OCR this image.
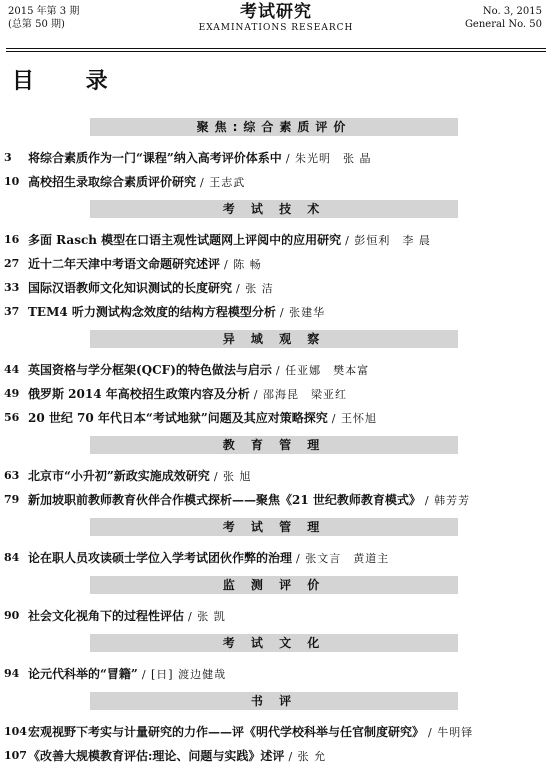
2015 年第 3 期
(总第 50 期)
考试研究
EXAMINATIONS RESEARCH
No. 3, 2015
General No. 50
目 录
聚焦:综合素质评价
3	将综合素质作为一门“课程”纳入高考评价体系中 / 朱光明　张 晶
10 高校招生录取综合素质评价研究 / 王志武
考 试 技 术
16 多面 Rasch 模型在口语主观性试题网上评阅中的应用研究 / 彭恒利　李 晨
27 近十二年天津中考语文命题研究述评 / 陈 畅
33 国际汉语教师文化知识测试的长度研究 / 张 洁
37 TEM4 听力测试构念效度的结构方程模型分析 / 张建华
异 域 观 察
44 英国资格与学分框架(QCF)的特色做法与启示 / 任亚娜　樊本富
49 俄罗斯 2014 年高校招生政策内容及分析 / 邵海昆　梁亚红
56 20 世纪 70 年代日本“考试地狱”问题及其应对策略探究 / 王怀旭
教 育 管 理
63 北京市“小升初”新政实施成效研究 / 张 旭
79 新加坡职前教师教育伙伴合作模式探析——聚焦《21 世纪教师教育模式》 / 韩芳芳
考 试 管 理
84 论在职人员攻读硕士学位入学考试团伙作弊的治理 / 张文言　黄道主
监 测 评 价
90 社会文化视角下的过程性评估 / 张 凯
考 试 文 化
94 论元代科举的“冒籍” / [日] 渡边健哉
书 评
104 宏观视野下考实与计量研究的力作——评《明代学校科举与任官制度研究》 / 牛明铎
107 《改善大规模教育评估:理论、问题与实践》述评 / 张 允
